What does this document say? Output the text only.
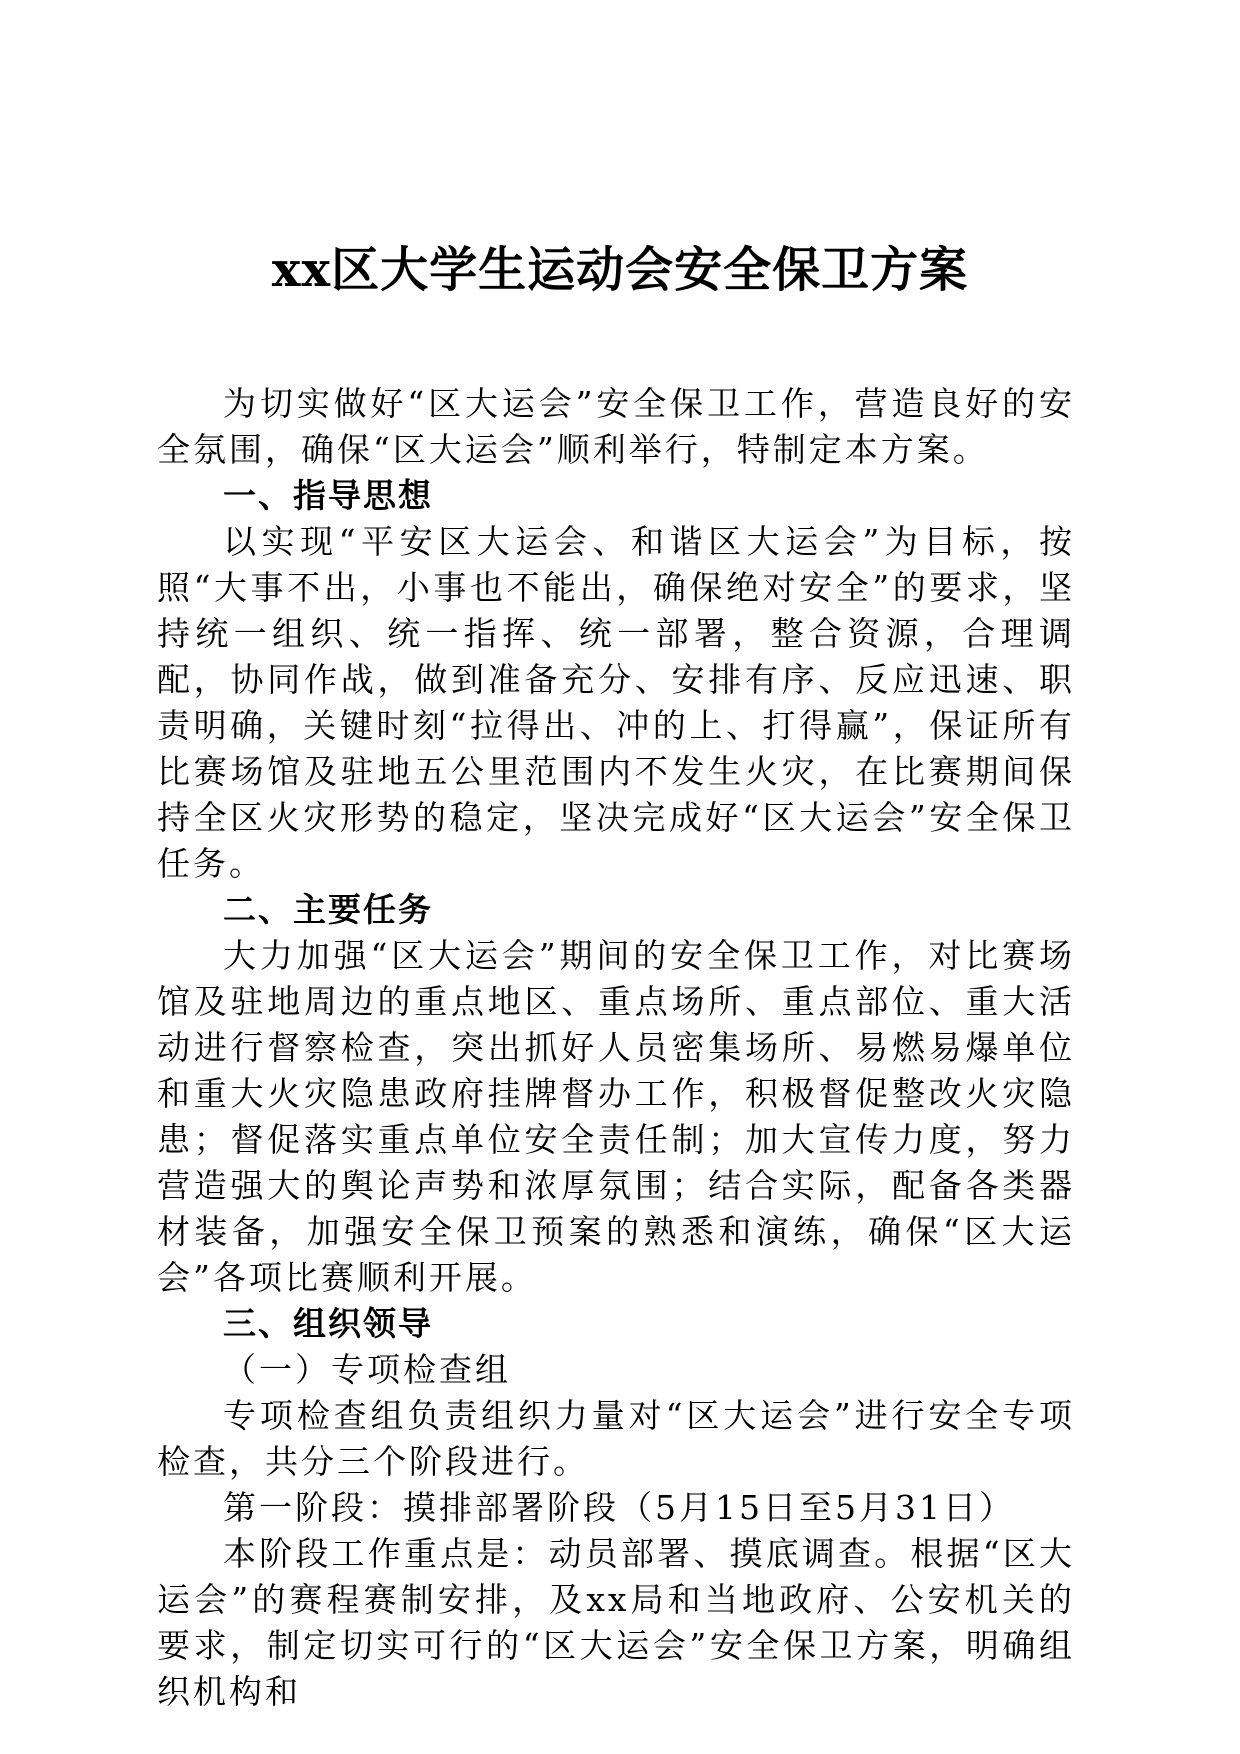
xx区大学生运动会安全保卫方案

为切实做好“区大运会”安全保卫工作，营造良好的安全氛围，确保“区大运会”顺利举行，特制定本方案。

一、指导思想

以实现“平安区大运会、和谐区大运会”为目标，按照“大事不出，小事也不能出，确保绝对安全”的要求，坚持统一组织、统一指挥、统一部署，整合资源，合理调配，协同作战，做到准备充分、安排有序、反应迅速、职责明确，关键时刻“拉得出、冲的上、打得赢”，保证所有比赛场馆及驻地五公里范围内不发生火灾，在比赛期间保持全区火灾形势的稳定，坚决完成好“区大运会”安全保卫任务。

二、主要任务

大力加强“区大运会”期间的安全保卫工作，对比赛场馆及驻地周边的重点地区、重点场所、重点部位、重大活动进行督察检查，突出抓好人员密集场所、易燃易爆单位和重大火灾隐患政府挂牌督办工作，积极督促整改火灾隐患；督促落实重点单位安全责任制；加大宣传力度，努力营造强大的舆论声势和浓厚氛围；结合实际，配备各类器材装备，加强安全保卫预案的熟悉和演练，确保“区大运会”各项比赛顺利开展。

三、组织领导

（一）专项检查组

专项检查组负责组织力量对“区大运会”进行安全专项检查，共分三个阶段进行。

第一阶段：摸排部署阶段（5月15日至5月31日）

本阶段工作重点是：动员部署、摸底调查。根据“区大运会”的赛程赛制安排，及xx局和当地政府、公安机关的要求，制定切实可行的“区大运会”安全保卫方案，明确组织机构和
